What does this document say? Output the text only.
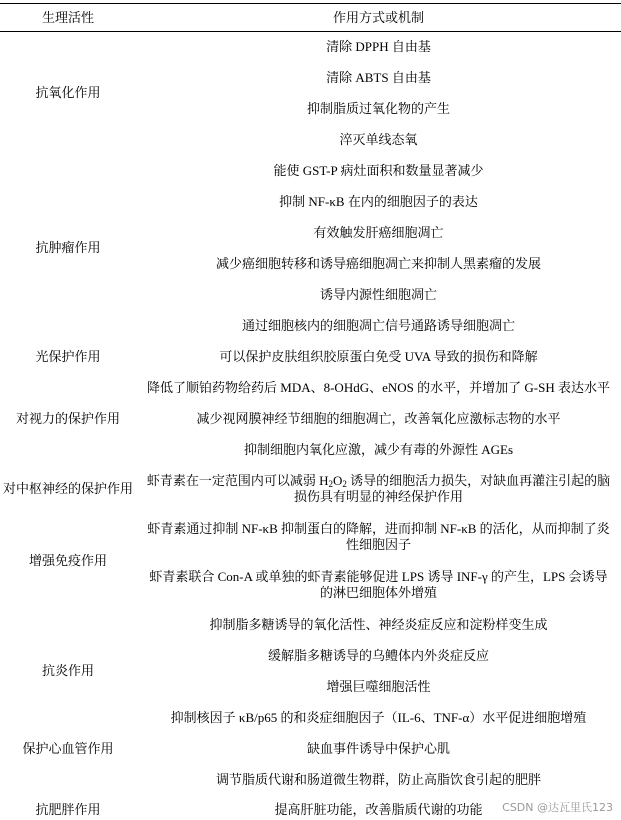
生理活性	作用方式或机制
抗氧化作用
抗肿瘤作用
光保护作用
对视力的保护作用
对中枢神经的保护作用
增强免疫作用
抗炎作用
保护心血管作用
抗肥胖作用
清除 DPPH 自由基
清除 ABTS 自由基
抑制脂质过氧化物的产生
淬灭单线态氧
能使 GST-P 病灶面积和数量显著减少
抑制 NF-κB 在内的细胞因子的表达
有效触发肝癌细胞凋亡
减少癌细胞转移和诱导癌细胞凋亡来抑制人黑素瘤的发展
诱导内源性细胞凋亡
通过细胞核内的细胞凋亡信号通路诱导细胞凋亡
可以保护皮肤组织胶原蛋白免受 UVA 导致的损伤和降解
降低了顺铂药物给药后 MDA、8-OHdG、eNOS 的水平，并增加了 G-SH 表达水平
减少视网膜神经节细胞的细胞凋亡，改善氧化应激标志物的水平
抑制细胞内氧化应激，减少有毒的外源性 AGEs
虾青素在一定范围内可以减弱 $H_2O_2$ 诱导的细胞活力损失，对缺血再灌注引起的脑
损伤具有明显的神经保护作用
虾青素通过抑制 NF-κB 抑制蛋白的降解，进而抑制 NF-κB 的活化，从而抑制了炎
性细胞因子
虾青素联合 Con-A 或单独的虾青素能够促进 LPS 诱导 INF-γ 的产生，LPS 会诱导
的淋巴细胞体外增殖
抑制脂多糖诱导的氧化活性、神经炎症反应和淀粉样变生成
缓解脂多糖诱导的乌鳢体内外炎症反应
增强巨噬细胞活性
抑制核因子 κB/p65 的和炎症细胞因子（IL-6、TNF-α）水平促进细胞增殖
缺血事件诱导中保护心肌
调节脂质代谢和肠道微生物群，防止高脂饮食引起的肥胖
提高肝脏功能，改善脂质代谢的功能	CSDN @达瓦里氏123
